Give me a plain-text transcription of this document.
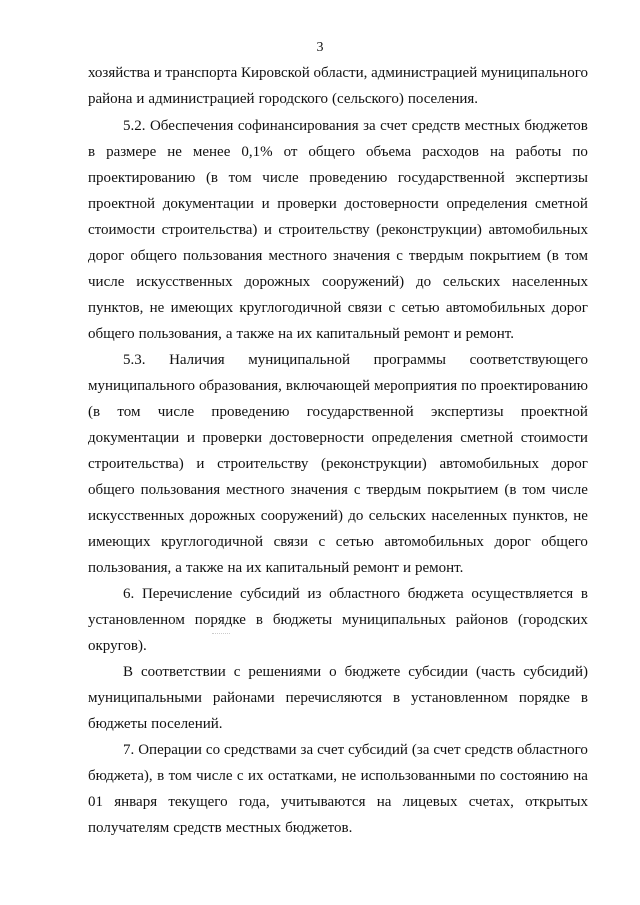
3
хозяйства и транспорта Кировской области, администрацией муниципального
района и администрацией городского (сельского) поселения.
5.2. Обеспечения софинансирования за счет средств местных бюджетов
в размере не менее 0,1% от общего объема расходов на работы по
проектированию (в том числе проведению государственной экспертизы
проектной документации и проверки достоверности определения сметной
стоимости строительства) и строительству (реконструкции) автомобильных
дорог общего пользования местного значения с твердым покрытием (в том
числе искусственных дорожных сооружений) до сельских населенных
пунктов, не имеющих круглогодичной связи с сетью автомобильных дорог
общего пользования, а также на их капитальный ремонт и ремонт.
5.3. Наличия муниципальной программы соответствующего
муниципального образования, включающей мероприятия по проектированию
(в том числе проведению государственной экспертизы проектной
документации и проверки достоверности определения сметной стоимости
строительства) и строительству (реконструкции) автомобильных дорог
общего пользования местного значения с твердым покрытием (в том числе
искусственных дорожных сооружений) до сельских населенных пунктов, не
имеющих круглогодичной связи с сетью автомобильных дорог общего
пользования, а также на их капитальный ремонт и ремонт.
6. Перечисление субсидий из областного бюджета осуществляется в
установленном порядке в бюджеты муниципальных районов (городских
округов).
В соответствии с решениями о бюджете субсидии (часть субсидий)
муниципальными районами перечисляются в установленном порядке в
бюджеты поселений.
7. Операции со средствами за счет субсидий (за счет средств областного
бюджета), в том числе с их остатками, не использованными по состоянию на
01 января текущего года, учитываются на лицевых счетах, открытых
получателям средств местных бюджетов.
